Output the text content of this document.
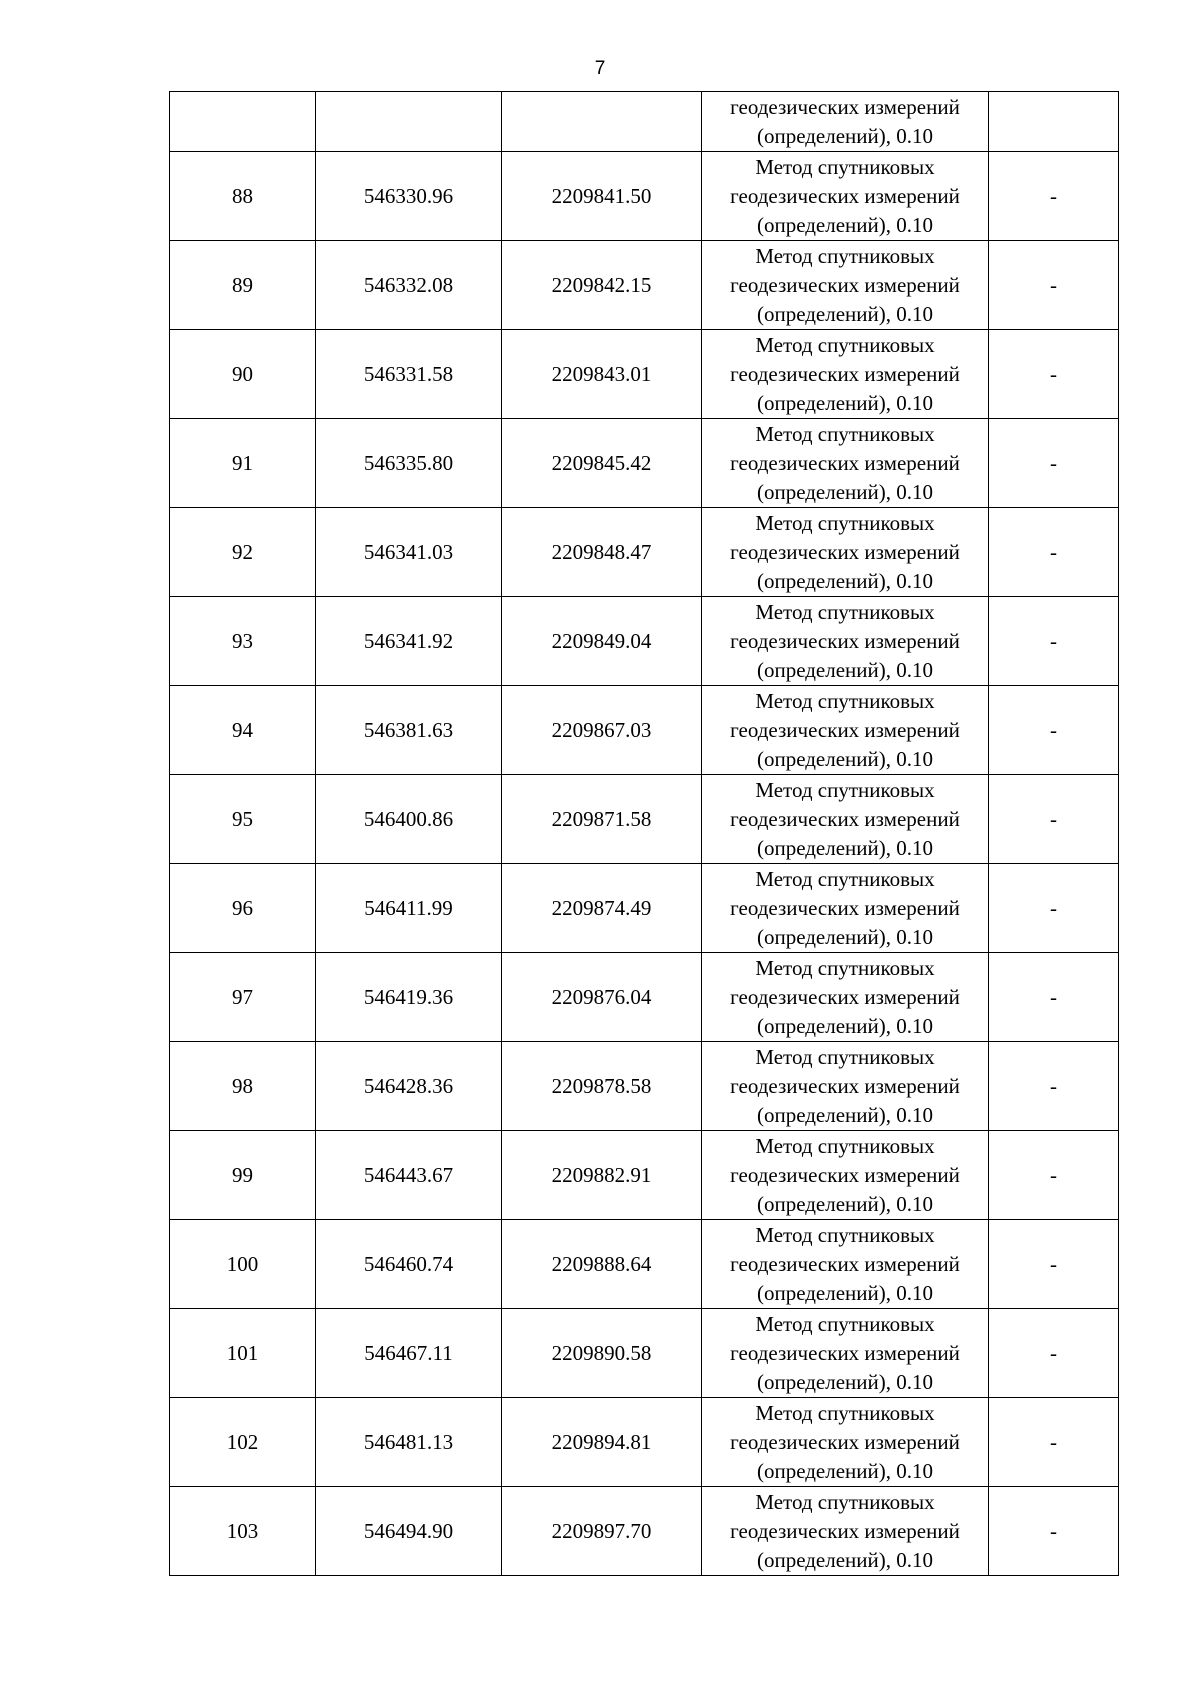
7

			геодезических измерений
(определений), 0.10	

88	546330.96	2209841.50	Метод спутниковых
геодезических измерений
(определений), 0.10	-
89	546332.08	2209842.15	Метод спутниковых
геодезических измерений
(определений), 0.10	-
90	546331.58	2209843.01	Метод спутниковых
геодезических измерений
(определений), 0.10	-
91	546335.80	2209845.42	Метод спутниковых
геодезических измерений
(определений), 0.10	-
92	546341.03	2209848.47	Метод спутниковых
геодезических измерений
(определений), 0.10	-
93	546341.92	2209849.04	Метод спутниковых
геодезических измерений
(определений), 0.10	-
94	546381.63	2209867.03	Метод спутниковых
геодезических измерений
(определений), 0.10	-
95	546400.86	2209871.58	Метод спутниковых
геодезических измерений
(определений), 0.10	-
96	546411.99	2209874.49	Метод спутниковых
геодезических измерений
(определений), 0.10	-
97	546419.36	2209876.04	Метод спутниковых
геодезических измерений
(определений), 0.10	-
98	546428.36	2209878.58	Метод спутниковых
геодезических измерений
(определений), 0.10	-
99	546443.67	2209882.91	Метод спутниковых
геодезических измерений
(определений), 0.10	-
100	546460.74	2209888.64	Метод спутниковых
геодезических измерений
(определений), 0.10	-
101	546467.11	2209890.58	Метод спутниковых
геодезических измерений
(определений), 0.10	-
102	546481.13	2209894.81	Метод спутниковых
геодезических измерений
(определений), 0.10	-
103	546494.90	2209897.70	Метод спутниковых
геодезических измерений
(определений), 0.10	-
